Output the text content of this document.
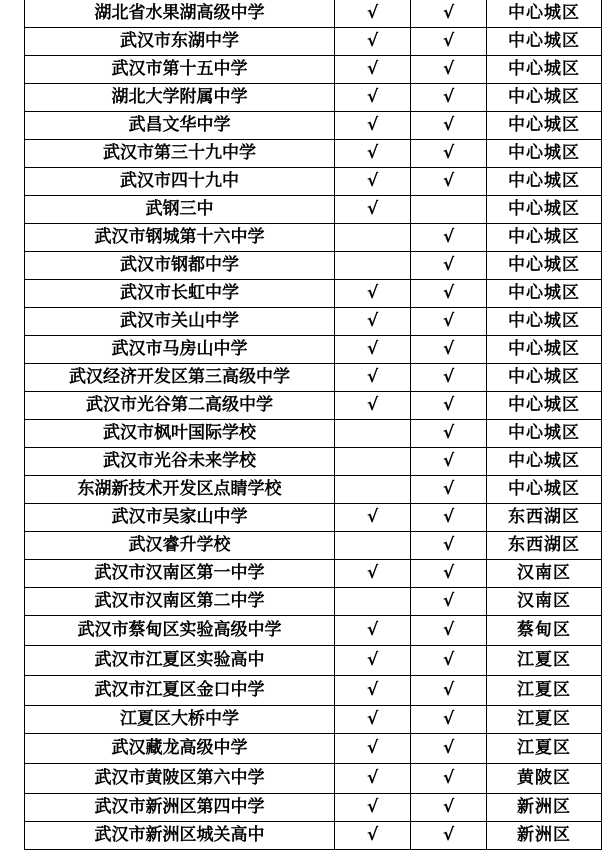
湖北省水果湖高级中学	√	√	中心城区
武汉市东湖中学	√	√	中心城区
武汉市第十五中学	√	√	中心城区
湖北大学附属中学	√	√	中心城区
武昌文华中学	√	√	中心城区
武汉市第三十九中学	√	√	中心城区
武汉市四十九中	√	√	中心城区
武钢三中	√		中心城区
武汉市钢城第十六中学		√	中心城区
武汉市钢都中学		√	中心城区
武汉市长虹中学	√	√	中心城区
武汉市关山中学	√	√	中心城区
武汉市马房山中学	√	√	中心城区
武汉经济开发区第三高级中学	√	√	中心城区
武汉市光谷第二高级中学	√	√	中心城区
武汉市枫叶国际学校		√	中心城区
武汉市光谷未来学校		√	中心城区
东湖新技术开发区点睛学校		√	中心城区
武汉市吴家山中学	√	√	东西湖区
武汉睿升学校		√	东西湖区
武汉市汉南区第一中学	√	√	汉南区
武汉市汉南区第二中学		√	汉南区
武汉市蔡甸区实验高级中学	√	√	蔡甸区
武汉市江夏区实验高中	√	√	江夏区
武汉市江夏区金口中学	√	√	江夏区
江夏区大桥中学	√	√	江夏区
武汉藏龙高级中学	√	√	江夏区
武汉市黄陂区第六中学	√	√	黄陂区
武汉市新洲区第四中学	√	√	新洲区
武汉市新洲区城关高中	√	√	新洲区
